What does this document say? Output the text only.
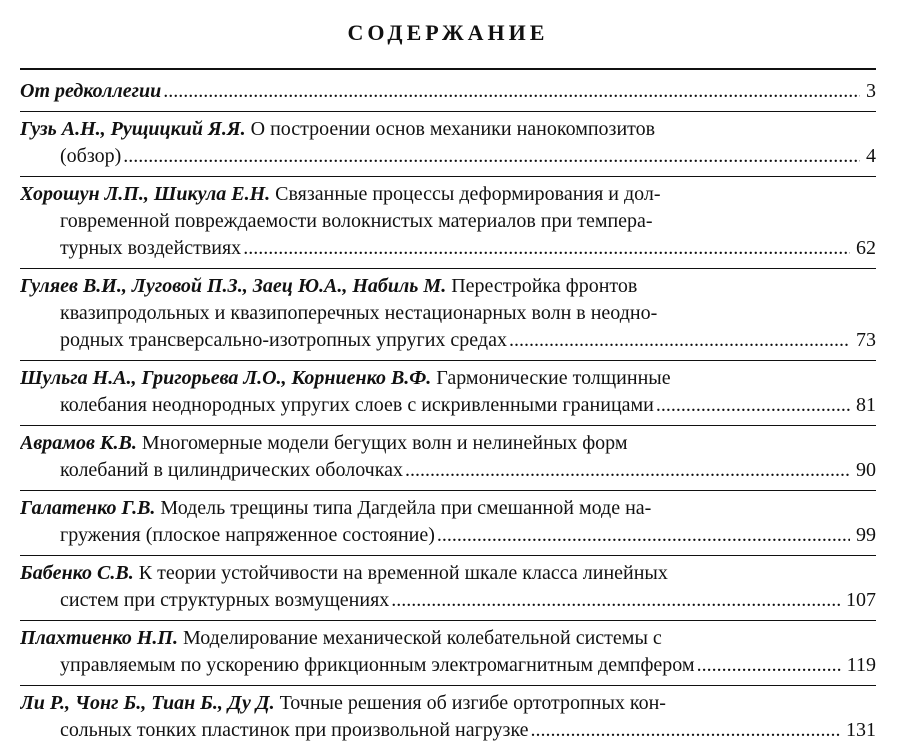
СОДЕРЖАНИЕ
От редколлегии .....	3
Гузь А.Н., Рущицкий Я.Я. О построении основ механики нанокомпозитов
(обзор) .....	4
Хорошун Л.П., Шикула Е.Н. Связанные процессы деформирования и дол-
говременной повреждаемости волокнистых материалов при темпера-
турных воздействиях .....	62
Гуляев В.И., Луговой П.З., Заец Ю.А., Набиль М. Перестройка фронтов
квазипродольных и квазипоперечных нестационарных волн в неодно-
родных трансверсально-изотропных упругих средах .....	73
Шульга Н.А., Григорьева Л.О., Корниенко В.Ф. Гармонические толщинные
колебания неоднородных упругих слоев с искривленными границами .....	81
Аврамов К.В. Многомерные модели бегущих волн и нелинейных форм
колебаний в цилиндрических оболочках .....	90
Галатенко Г.В. Модель трещины типа Дагдейла при смешанной моде на-
гружения (плоское напряженное состояние) .....	99
Бабенко С.В. К теории устойчивости на временной шкале класса линейных
систем при структурных возмущениях .....	107
Плахтиенко Н.П. Моделирование механической колебательной системы с
управляемым по ускорению фрикционным электромагнитным демпфером .....	119
Ли Р., Чонг Б., Тиан Б., Ду Д. Точные решения об изгибе ортотропных кон-
сольных тонких пластинок при произвольной нагрузке .....	131
